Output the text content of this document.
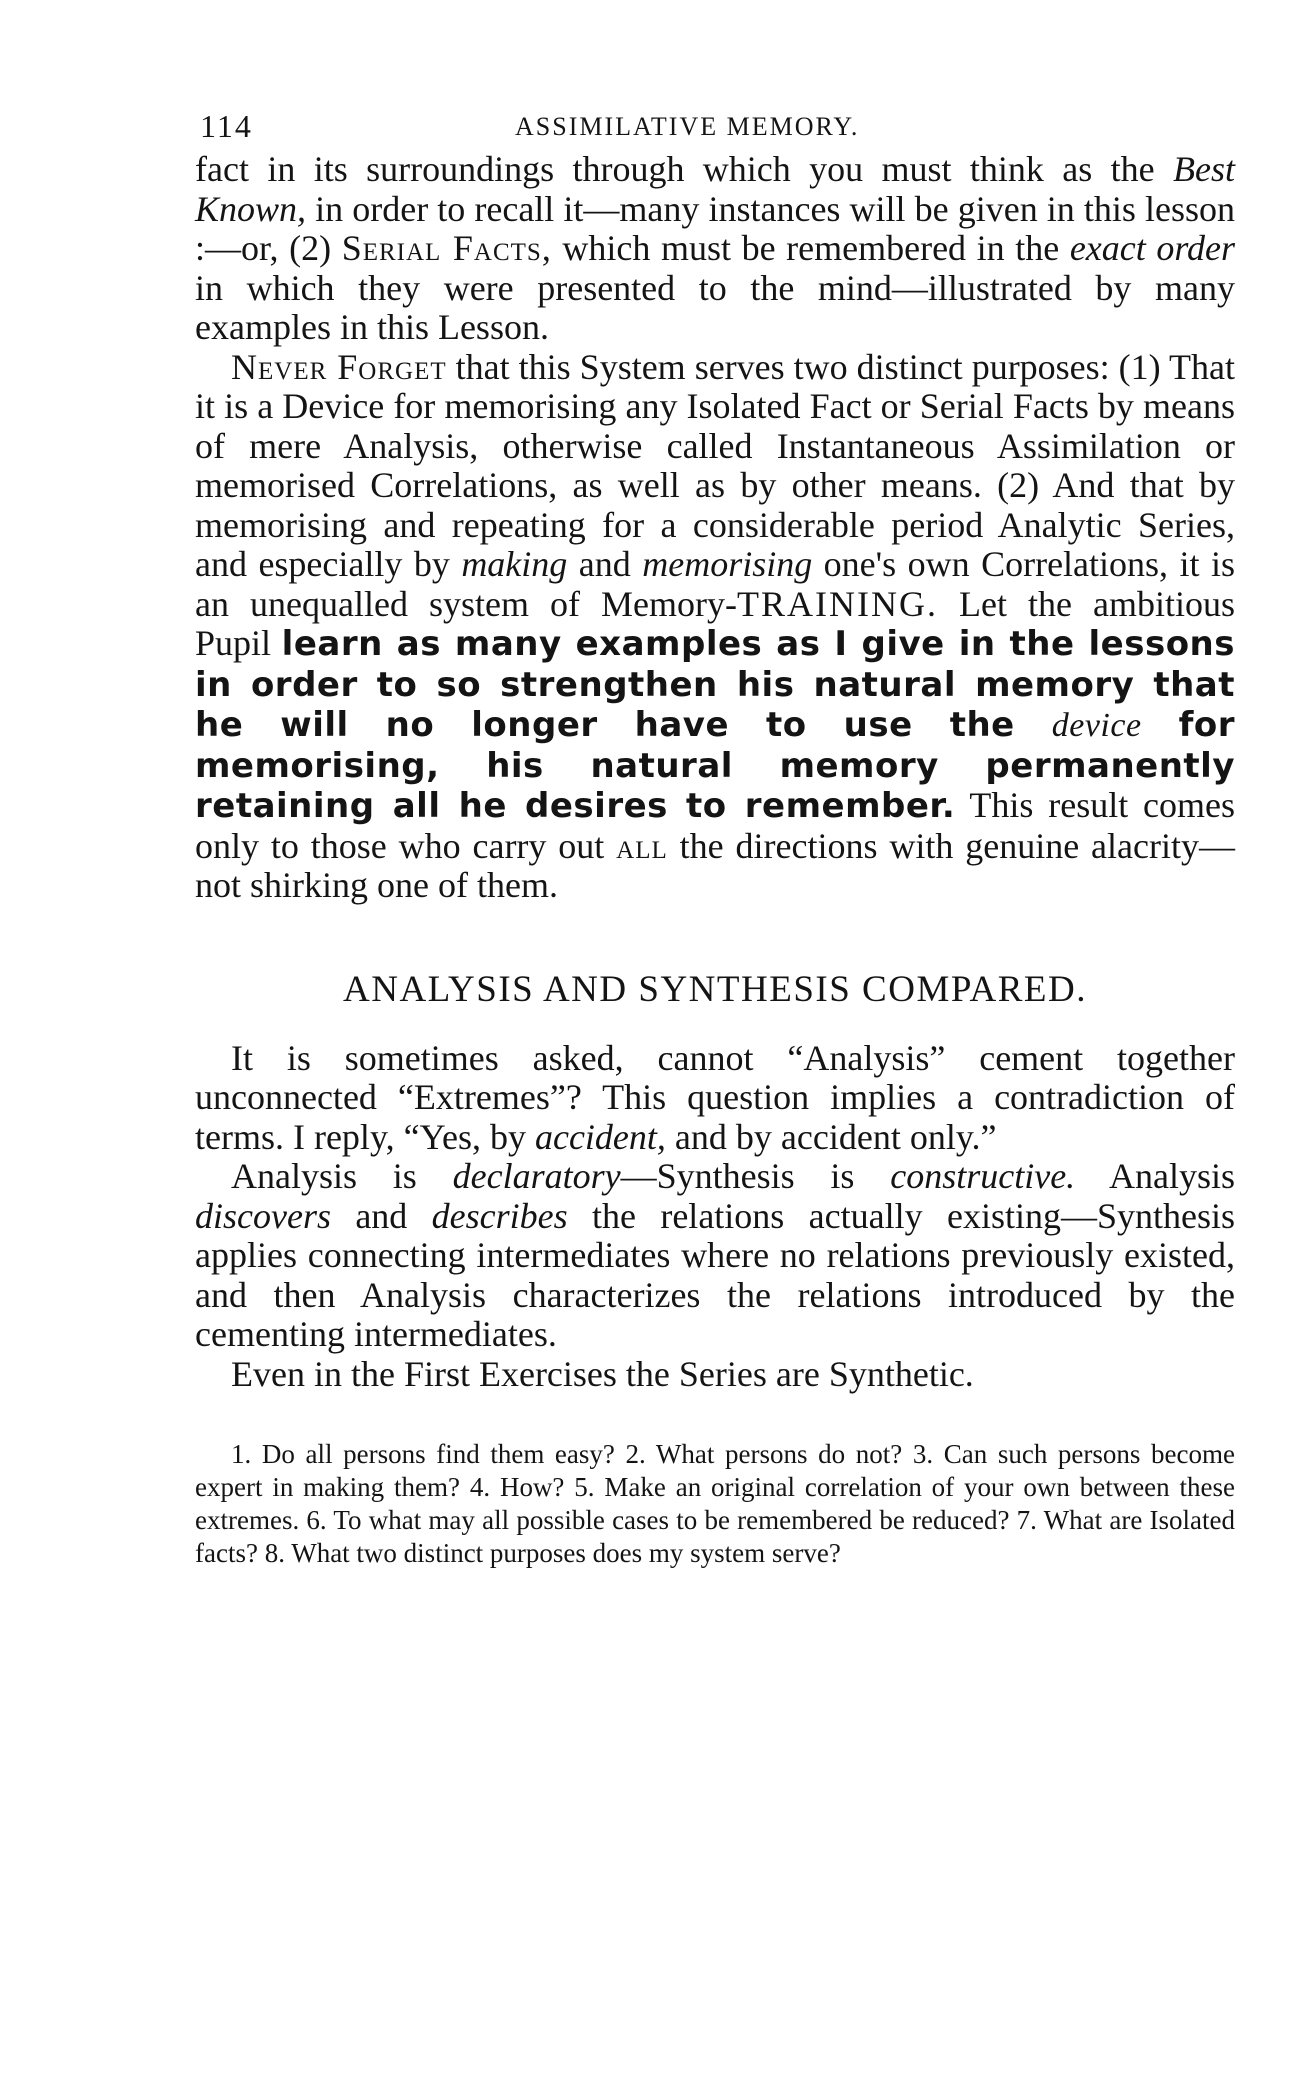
114	ASSIMILATIVE MEMORY.

fact in its surroundings through which you must think as the Best Known, in order to recall it—many instances will be given in this lesson :—or, (2) Serial Facts, which must be remembered in the exact order in which they were presented to the mind—illustrated by many examples in this Lesson.

Never Forget that this System serves two distinct purposes: (1) That it is a Device for memorising any Isolated Fact or Serial Facts by means of mere Analysis, otherwise called Instantaneous Assimilation or memorised Correlations, as well as by other means. (2) And that by memorising and repeating for a considerable period Analytic Series, and especially by making and memorising one's own Correlations, it is an unequalled system of Memory-TRAINING. Let the ambitious Pupil learn as many examples as I give in the lessons in order to so strengthen his natural memory that he will no longer have to use the device for memorising, his natural memory permanently retaining all he desires to remember. This result comes only to those who carry out all the directions with genuine alacrity—not shirking one of them.

ANALYSIS AND SYNTHESIS COMPARED.

It is sometimes asked, cannot “Analysis” cement together unconnected “Extremes”? This question implies a contradiction of terms. I reply, “Yes, by accident, and by accident only.”

Analysis is declaratory—Synthesis is constructive. Analysis discovers and describes the relations actually existing—Synthesis applies connecting intermediates where no relations previously existed, and then Analysis characterizes the relations introduced by the cementing intermediates.

Even in the First Exercises the Series are Synthetic.

1. Do all persons find them easy? 2. What persons do not? 3. Can such persons become expert in making them? 4. How? 5. Make an original correlation of your own between these extremes. 6. To what may all possible cases to be remembered be reduced? 7. What are Isolated facts? 8. What two distinct purposes does my system serve?
